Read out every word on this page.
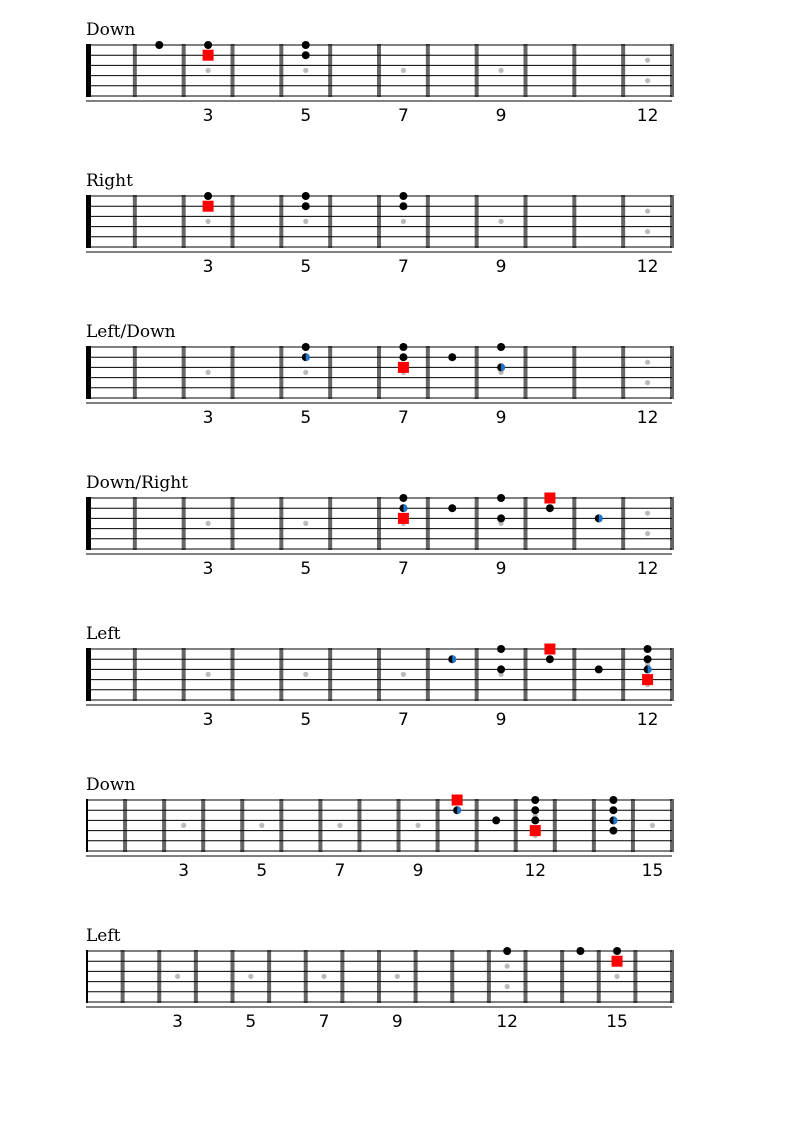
Down
3	5	7	9	12
Right
3	5	7	9	12
Left/Down
3	5	7	9	12
Down/Right
3	5	7	9	12
Left
3	5	7	9	12
Down
3	5	7	9	12	15
Left
3	5	7	9	12	15
